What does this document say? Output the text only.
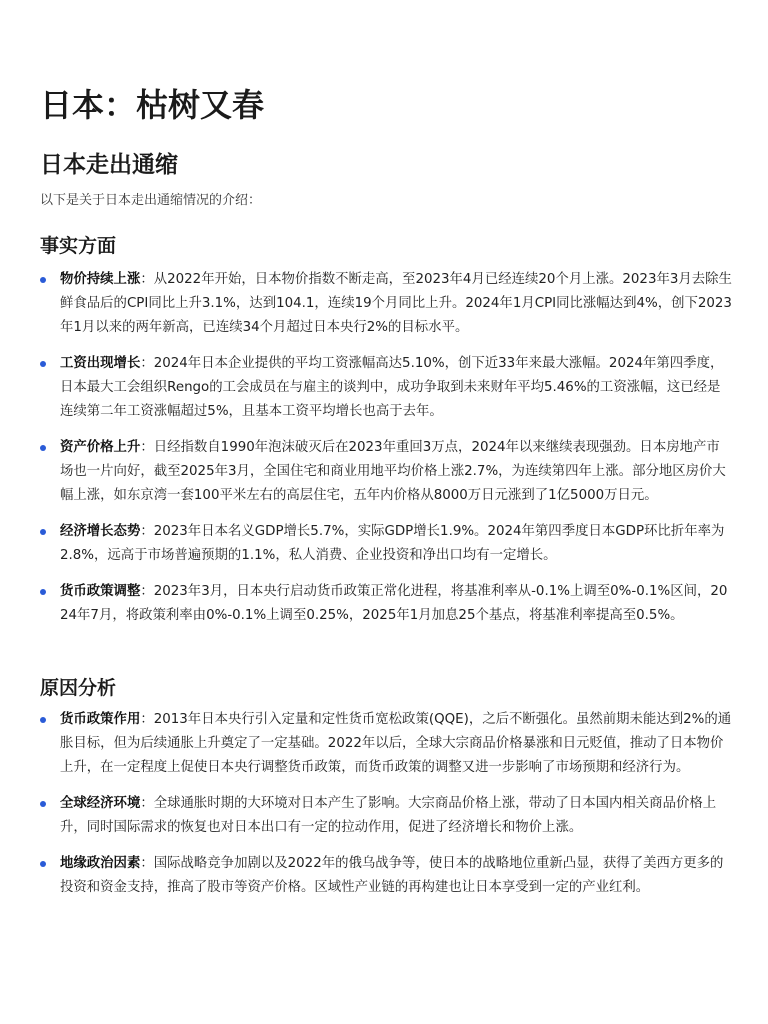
日本：枯树又春
日本走出通缩
以下是关于日本走出通缩情况的介绍：
事实方面
物价持续上涨：从2022年开始，日本物价指数不断走高，至2023年4月已经连续20个月上涨。2023年3月去除生鲜食品后的CPI同比上升3.1%，达到104.1，连续19个月同比上升。2024年1月CPI同比涨幅达到4%，创下2023年1月以来的两年新高，已连续34个月超过日本央行2%的目标水平。
工资出现增长：2024年日本企业提供的平均工资涨幅高达5.10%，创下近33年来最大涨幅。2024年第四季度，日本最大工会组织Rengo的工会成员在与雇主的谈判中，成功争取到未来财年平均5.46%的工资涨幅，这已经是连续第二年工资涨幅超过5%，且基本工资平均增长也高于去年。
资产价格上升：日经指数自1990年泡沫破灭后在2023年重回3万点，2024年以来继续表现强劲。日本房地产市场也一片向好，截至2025年3月，全国住宅和商业用地平均价格上涨2.7%，为连续第四年上涨。部分地区房价大幅上涨，如东京湾一套100平米左右的高层住宅，五年内价格从8000万日元涨到了1亿5000万日元。
经济增长态势：2023年日本名义GDP增长5.7%，实际GDP增长1.9%。2024年第四季度日本GDP环比折年率为2.8%，远高于市场普遍预期的1.1%，私人消费、企业投资和净出口均有一定增长。
货币政策调整：2023年3月，日本央行启动货币政策正常化进程，将基准利率从-0.1%上调至0%-0.1%区间，2024年7月，将政策利率由0%-0.1%上调至0.25%，2025年1月加息25个基点，将基准利率提高至0.5%。
原因分析
货币政策作用：2013年日本央行引入定量和定性货币宽松政策(QQE)，之后不断强化。虽然前期未能达到2%的通胀目标，但为后续通胀上升奠定了一定基础。2022年以后，全球大宗商品价格暴涨和日元贬值，推动了日本物价上升，在一定程度上促使日本央行调整货币政策，而货币政策的调整又进一步影响了市场预期和经济行为。
全球经济环境：全球通胀时期的大环境对日本产生了影响。大宗商品价格上涨，带动了日本国内相关商品价格上升，同时国际需求的恢复也对日本出口有一定的拉动作用，促进了经济增长和物价上涨。
地缘政治因素：国际战略竞争加剧以及2022年的俄乌战争等，使日本的战略地位重新凸显，获得了美西方更多的投资和资金支持，推高了股市等资产价格。区域性产业链的再构建也让日本享受到一定的产业红利。
